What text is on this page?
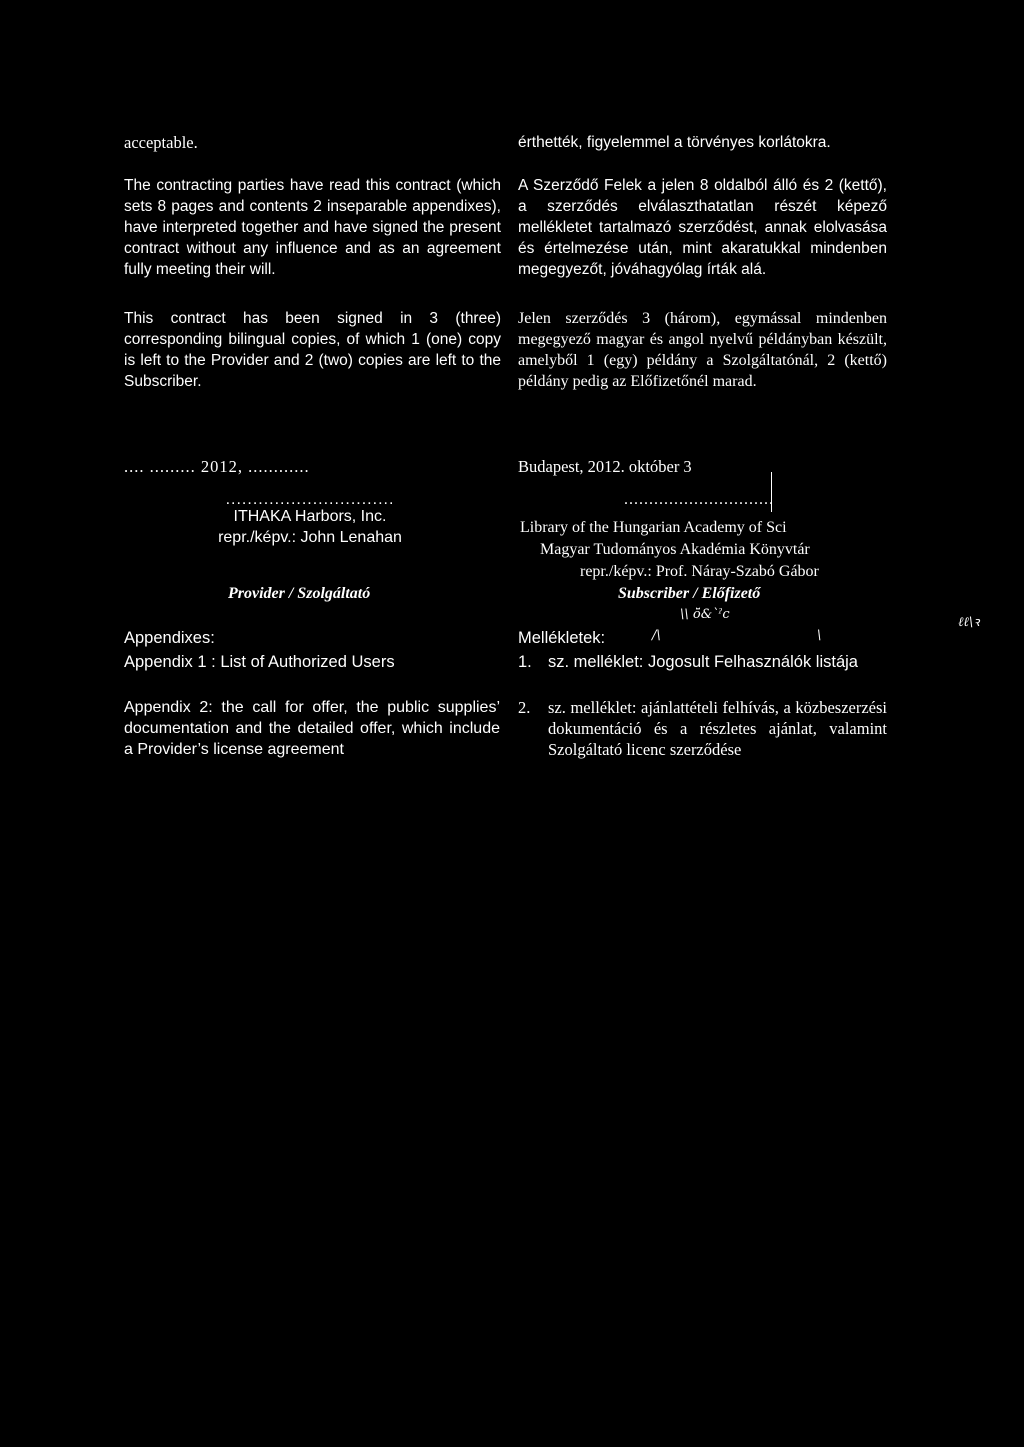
acceptable.
The contracting parties have read this contract (which sets 8 pages and contents 2 inseparable appendixes), have interpreted together and have signed the present contract without any influence and as an agreement fully meeting their will.
This contract has been signed in 3 (three) corresponding bilingual copies, of which 1 (one) copy is left to the Provider and 2 (two) copies are left to the Subscriber.
.... ......... 2012, ............
...............................
ITHAKA Harbors, Inc.
repr./képv.: John Lenahan
Provider / Szolgáltató
Appendixes:
Appendix 1 : List of Authorized Users
Appendix 2: the call for offer, the public supplies’ documentation and the detailed offer, which include a Provider’s license agreement
érthették, figyelemmel a törvényes korlátokra.
A Szerződő Felek a jelen 8 oldalból álló és 2 (kettő), a szerződés elválaszthatatlan részét képező mellékletet tartalmazó szerződést, annak elolvasása és értelmezése után, mint akaratukkal mindenben megegyezőt, jóváhagyólag írták alá.
Jelen szerződés 3 (három), egymással mindenben megegyező magyar és angol nyelvű példányban készült, amelyből 1 (egy) példány a Szolgáltatónál, 2 (kettő) példány pedig az Előfizetőnél marad.
Budapest, 2012. október 3
..............................
Library of the Hungarian Academy of Sci
Magyar Tudományos Akadémia Könyvtár
repr./képv.: Prof. Náray-Szabó Gábor
Subscriber / Előfizető
\\ ŏ̈&`ˀc
ℓℓ\ꝛ
Mellékletek:	/\	\
1. sz. melléklet: Jogosult Felhasználók listája
2. sz. melléklet: ajánlattételi felhívás, a közbeszerzési dokumentáció és a részletes ajánlat, valamint Szolgáltató licenc szerződése
